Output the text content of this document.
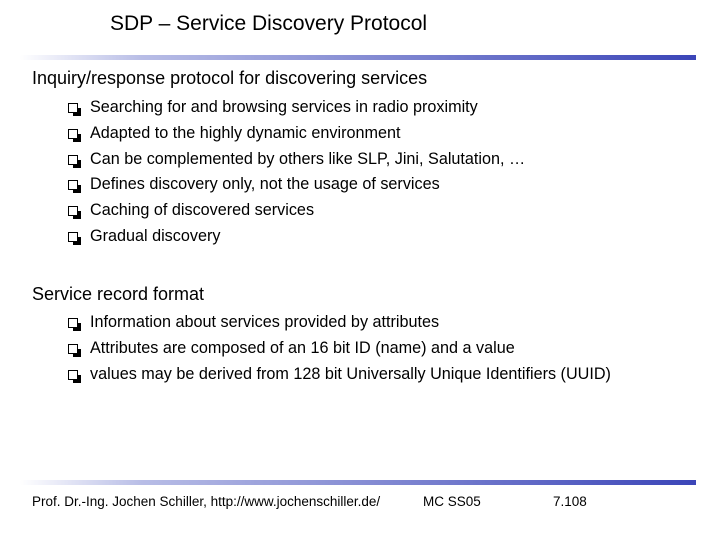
SDP – Service Discovery Protocol
Inquiry/response protocol for discovering services
Searching for and browsing services in radio proximity
Adapted to the highly dynamic environment
Can be complemented by others like SLP, Jini, Salutation, …
Defines discovery only, not the usage of services
Caching of discovered services
Gradual discovery
Service record format
Information about services provided by attributes
Attributes are composed of an 16 bit ID (name) and a value
values may be derived from 128 bit Universally Unique Identifiers (UUID)
Prof. Dr.-Ing. Jochen Schiller, http://www.jochenschiller.de/	MC SS05	7.108
